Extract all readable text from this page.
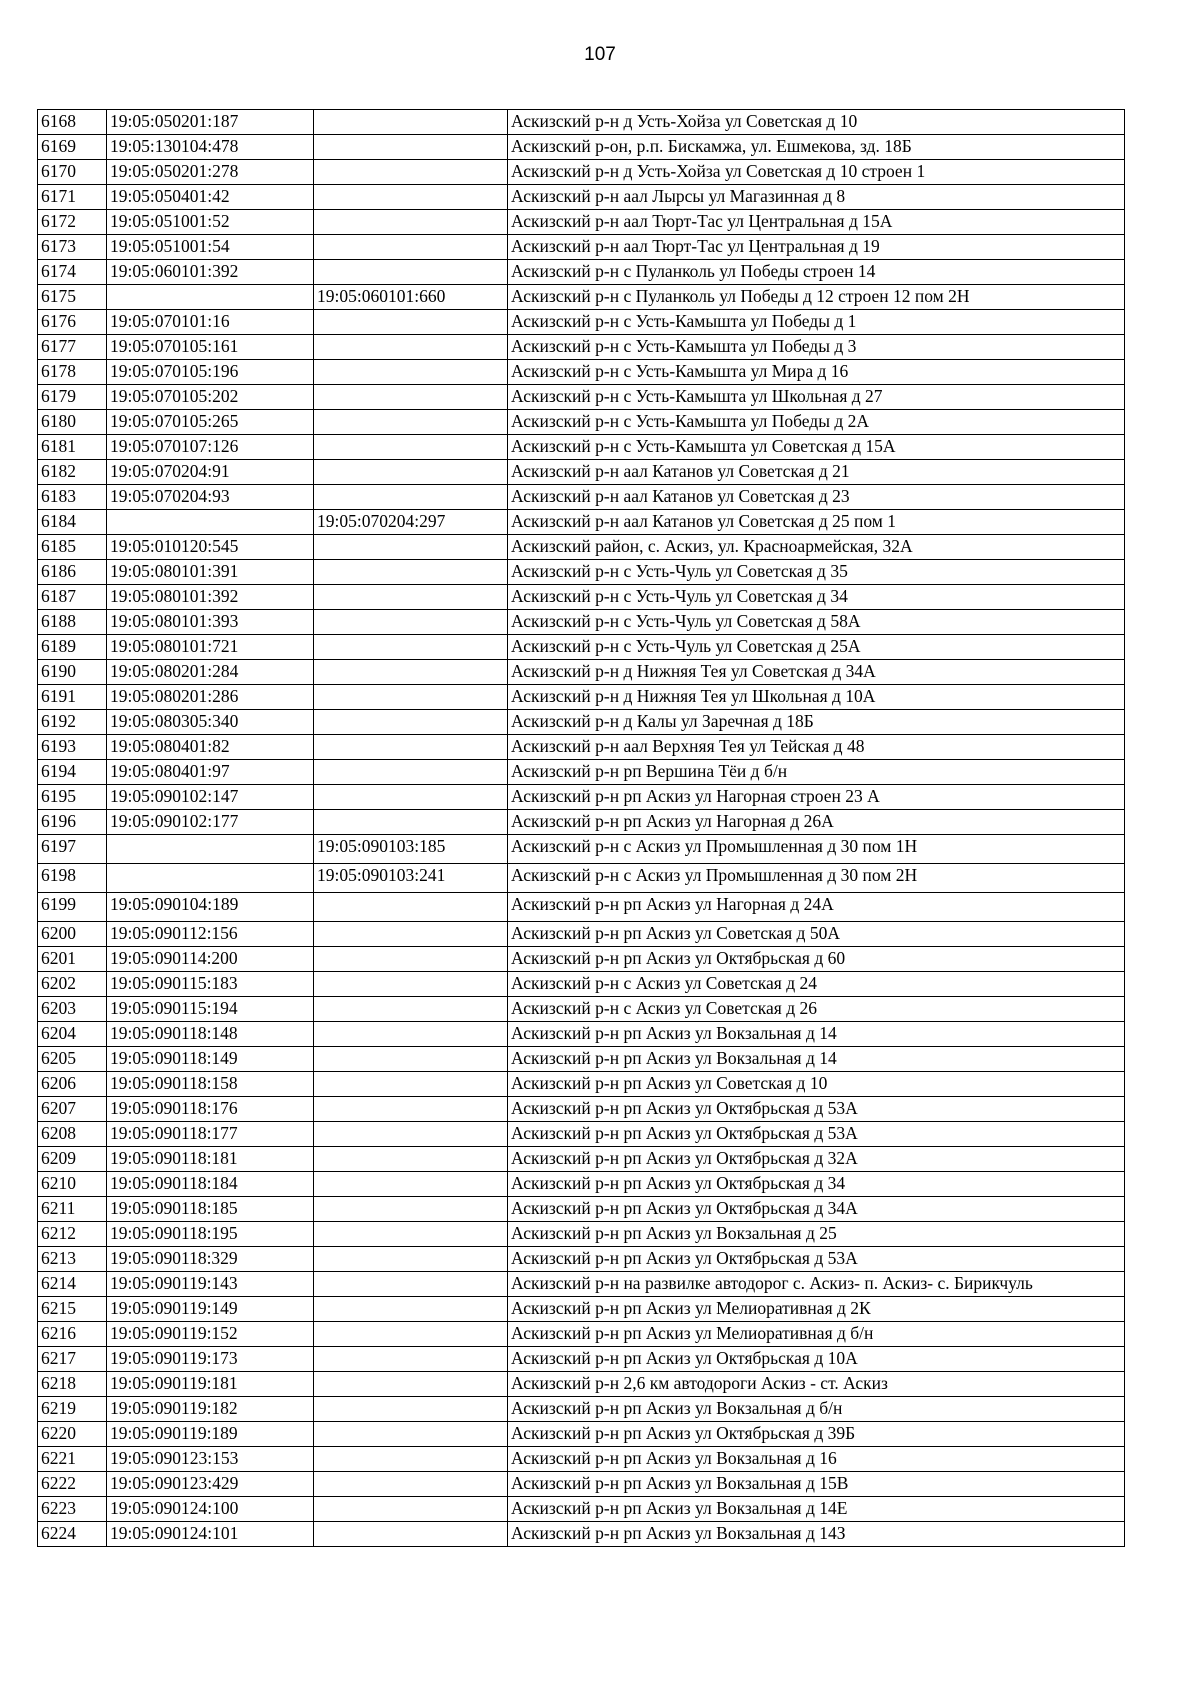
107
6168	19:05:050201:187		Аскизский р-н д Усть-Хойза ул Советская д 10
6169	19:05:130104:478		Аскизский р-он, р.п. Бискамжа, ул. Ешмекова, зд. 18Б
6170	19:05:050201:278		Аскизский р-н д Усть-Хойза ул Советская д 10 строен 1
6171	19:05:050401:42		Аскизский р-н аал Лырсы ул Магазинная д 8
6172	19:05:051001:52		Аскизский р-н аал Тюрт-Тас ул Центральная д 15А
6173	19:05:051001:54		Аскизский р-н аал Тюрт-Тас ул Центральная д 19
6174	19:05:060101:392		Аскизский р-н с Пуланколь ул Победы строен 14
6175		19:05:060101:660	Аскизский р-н с Пуланколь ул Победы д 12 строен 12 пом 2Н
6176	19:05:070101:16		Аскизский р-н с Усть-Камышта ул Победы д 1
6177	19:05:070105:161		Аскизский р-н с Усть-Камышта ул Победы д 3
6178	19:05:070105:196		Аскизский р-н с Усть-Камышта ул Мира д 16
6179	19:05:070105:202		Аскизский р-н с Усть-Камышта ул Школьная д 27
6180	19:05:070105:265		Аскизский р-н с Усть-Камышта ул Победы д 2А
6181	19:05:070107:126		Аскизский р-н с Усть-Камышта ул Советская д 15А
6182	19:05:070204:91		Аскизский р-н аал Катанов ул Советская д 21
6183	19:05:070204:93		Аскизский р-н аал Катанов ул Советская д 23
6184		19:05:070204:297	Аскизский р-н аал Катанов ул Советская д 25 пом 1
6185	19:05:010120:545		Аскизский район, с. Аскиз, ул. Красноармейская, 32А
6186	19:05:080101:391		Аскизский р-н с Усть-Чуль ул Советская д 35
6187	19:05:080101:392		Аскизский р-н с Усть-Чуль ул Советская д 34
6188	19:05:080101:393		Аскизский р-н с Усть-Чуль ул Советская д 58А
6189	19:05:080101:721		Аскизский р-н с Усть-Чуль ул Советская д 25А
6190	19:05:080201:284		Аскизский р-н д Нижняя Тея ул Советская д 34А
6191	19:05:080201:286		Аскизский р-н д Нижняя Тея ул Школьная д 10А
6192	19:05:080305:340		Аскизский р-н д Калы ул Заречная д 18Б
6193	19:05:080401:82		Аскизский р-н аал Верхняя Тея ул Тейская д 48
6194	19:05:080401:97		Аскизский р-н рп Вершина Тёи д б/н
6195	19:05:090102:147		Аскизский р-н рп Аскиз ул Нагорная строен 23 А
6196	19:05:090102:177		Аскизский р-н рп Аскиз ул Нагорная д 26А
6197		19:05:090103:185	Аскизский р-н с Аскиз ул Промышленная д 30 пом 1Н
6198		19:05:090103:241	Аскизский р-н с Аскиз ул Промышленная д 30 пом 2Н
6199	19:05:090104:189		Аскизский р-н рп Аскиз ул Нагорная д 24А
6200	19:05:090112:156		Аскизский р-н рп Аскиз ул Советская д 50А
6201	19:05:090114:200		Аскизский р-н рп Аскиз ул Октябрьская д 60
6202	19:05:090115:183		Аскизский р-н с Аскиз ул Советская д 24
6203	19:05:090115:194		Аскизский р-н с Аскиз ул Советская д 26
6204	19:05:090118:148		Аскизский р-н рп Аскиз ул Вокзальная д 14
6205	19:05:090118:149		Аскизский р-н рп Аскиз ул Вокзальная д 14
6206	19:05:090118:158		Аскизский р-н рп Аскиз ул Советская д 10
6207	19:05:090118:176		Аскизский р-н рп Аскиз ул Октябрьская д 53А
6208	19:05:090118:177		Аскизский р-н рп Аскиз ул Октябрьская д 53А
6209	19:05:090118:181		Аскизский р-н рп Аскиз ул Октябрьская д 32А
6210	19:05:090118:184		Аскизский р-н рп Аскиз ул Октябрьская д 34
6211	19:05:090118:185		Аскизский р-н рп Аскиз ул Октябрьская д 34А
6212	19:05:090118:195		Аскизский р-н рп Аскиз ул Вокзальная д 25
6213	19:05:090118:329		Аскизский р-н рп Аскиз ул Октябрьская д 53А
6214	19:05:090119:143		Аскизский р-н на развилке автодорог с. Аскиз- п. Аскиз- с. Бирикчуль
6215	19:05:090119:149		Аскизский р-н рп Аскиз ул Мелиоративная д 2К
6216	19:05:090119:152		Аскизский р-н рп Аскиз ул Мелиоративная д б/н
6217	19:05:090119:173		Аскизский р-н рп Аскиз ул Октябрьская д 10А
6218	19:05:090119:181		Аскизский р-н 2,6 км автодороги Аскиз - ст. Аскиз
6219	19:05:090119:182		Аскизский р-н рп Аскиз ул Вокзальная д б/н
6220	19:05:090119:189		Аскизский р-н рп Аскиз ул Октябрьская д 39Б
6221	19:05:090123:153		Аскизский р-н рп Аскиз ул Вокзальная д 16
6222	19:05:090123:429		Аскизский р-н рп Аскиз ул Вокзальная д 15В
6223	19:05:090124:100		Аскизский р-н рп Аскиз ул Вокзальная д 14Е
6224	19:05:090124:101		Аскизский р-н рп Аскиз ул Вокзальная д 14З
